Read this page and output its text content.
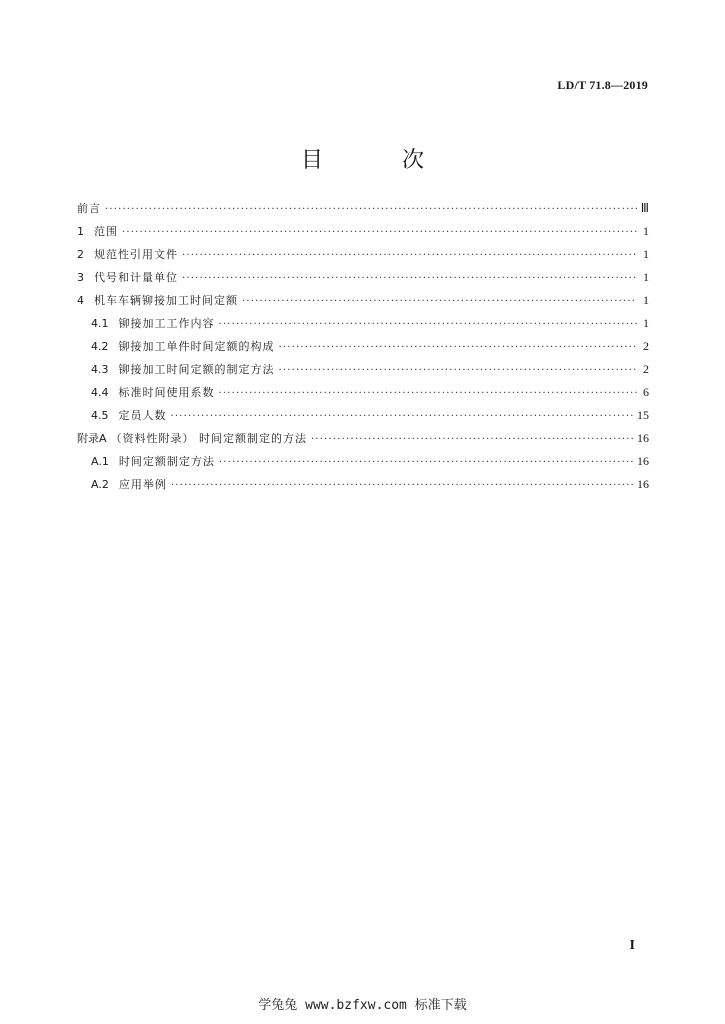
LD/T 71.8—2019
目 次
前言 ·····	Ⅲ
1 范围 ·····	1
2 规范性引用文件 ·····	1
3 代号和计量单位 ·····	1
4 机车车辆铆接加工时间定额 ·····	1
4.1 铆接加工工作内容 ·····	1
4.2 铆接加工单件时间定额的构成 ·····	2
4.3 铆接加工时间定额的制定方法 ·····	2
4.4 标准时间使用系数 ·····	6
4.5 定员人数 ·····	15
附录A （资料性附录） 时间定额制定的方法 ·····	16
A.1 时间定额制定方法 ·····	16
A.2 应用举例 ·····	16
I
学兔兔 www.bzfxw.com 标准下载
